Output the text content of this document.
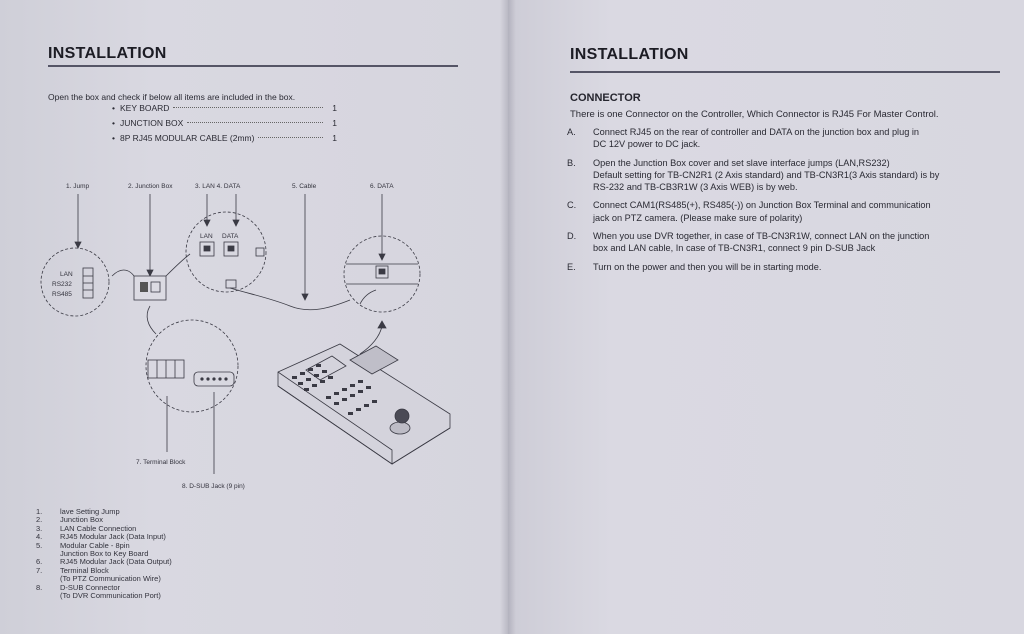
INSTALLATION
Open the box and check if below all items are included in the box.
• KEY BOARD	1
• JUNCTION BOX	1
• 8P RJ45 MODULAR CABLE (2mm)	1
1. Jump	2. Junction Box	3. LAN 4. DATA	5. Cable	6. DATA
LAN
RS232
RS485
LAN DATA
7. Terminal Block
8. D-SUB Jack (9 pin)
1.	lave Setting Jump
2.	Junction Box
3.	LAN Cable Connection
4.	RJ45 Modular Jack (Data Input)
5.	Modular Cable - 8pin
Junction Box to Key Board
6.	RJ45 Modular Jack (Data Output)
7.	Terminal Block
(To PTZ Communication Wire)
8.	D-SUB Connector
(To DVR Communication Port)
INSTALLATION
CONNECTOR
There is one Connector on the Controller, Which Connector is RJ45 For Master Control.
A.	Connect RJ45 on the rear of controller and DATA on the junction box and plug in
DC 12V power to DC jack.
B.	Open the Junction Box cover and set slave interface jumps (LAN,RS232)
Default setting for TB-CN2R1 (2 Axis standard) and TB-CN3R1(3 Axis standard) is by
RS-232 and TB-CB3R1W (3 Axis WEB) is by web.
C.	Connect CAM1(RS485(+), RS485(-)) on Junction Box Terminal and communication
jack on PTZ camera. (Please make sure of polarity)
D.	When you use DVR together, in case of TB-CN3R1W, connect LAN on the junction
box and LAN cable, In case of TB-CN3R1, connect 9 pin D-SUB Jack
E.	Turn on the power and then you will be in starting mode.
